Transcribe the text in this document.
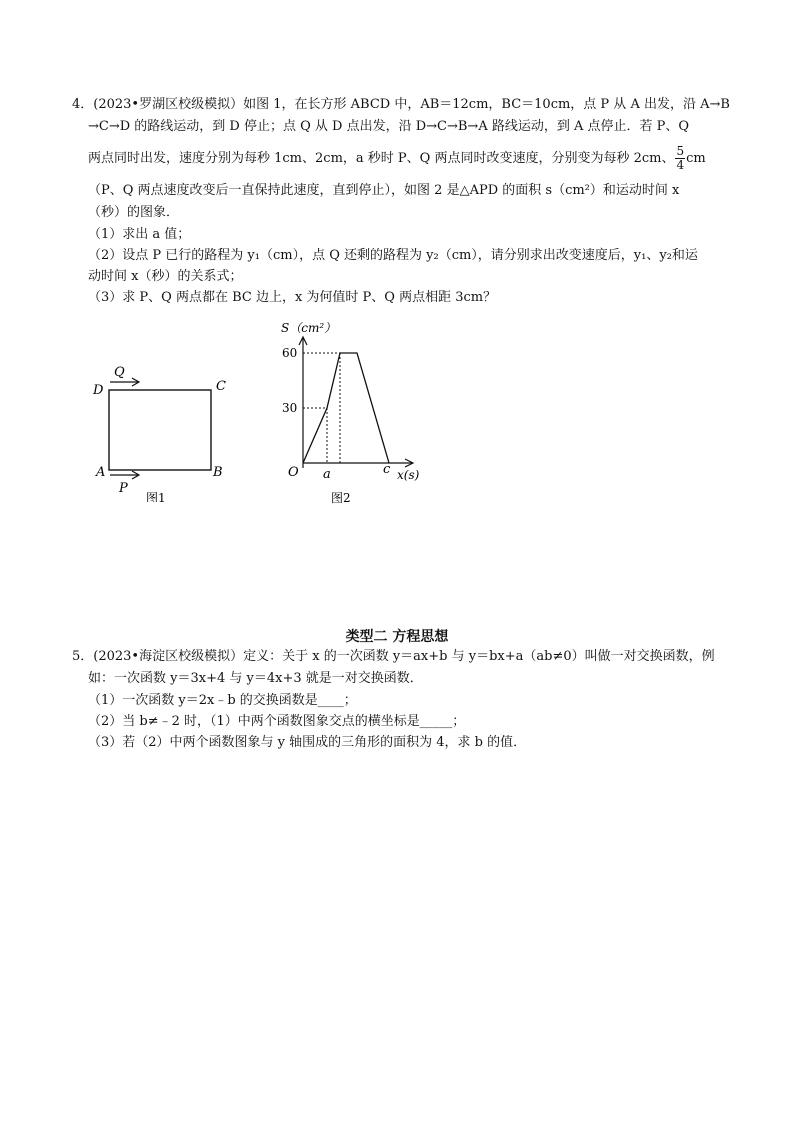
4．(2023•罗湖区校级模拟）如图 1，在长方形 ABCD 中，AB＝12cm，BC＝10cm，点 P 从 A 出发，沿 A→B
→C→D 的路线运动，到 D 停止；点 Q 从 D 点出发，沿 D→C→B→A 路线运动，到 A 点停止．若 P、Q
两点同时出发，速度分别为每秒 1cm、2cm，a 秒时 P、Q 两点同时改变速度，分别变为每秒 2cm、 $\frac{5}{4}$ cm
（P、Q 两点速度改变后一直保持此速度，直到停止），如图 2 是△APD 的面积 s（cm²）和运动时间 x
（秒）的图象．
（1）求出 a 值；
（2）设点 P 已行的路程为 y₁（cm），点 Q 还剩的路程为 y₂（cm），请分别求出改变速度后，y₁、y₂和运
动时间 x（秒）的关系式；
（3）求 P、Q 两点都在 BC 边上，x 为何值时 P、Q 两点相距 3cm？
D	C
A	B
Q
P
图1
S（cm²）
60
30
O a	c x(s)
图2
类型二 方程思想
5．(2023•海淀区校级模拟）定义：关于 x 的一次函数 y＝ax+b 与 y＝bx+a（ab≠0）叫做一对交换函数，例
如：一次函数 y＝3x+4 与 y＝4x+3 就是一对交换函数．
（1）一次函数 y＝2x﹣b 的交换函数是____；
（2）当 b≠﹣2 时，（1）中两个函数图象交点的横坐标是_____；
（3）若（2）中两个函数图象与 y 轴围成的三角形的面积为 4，求 b 的值．
